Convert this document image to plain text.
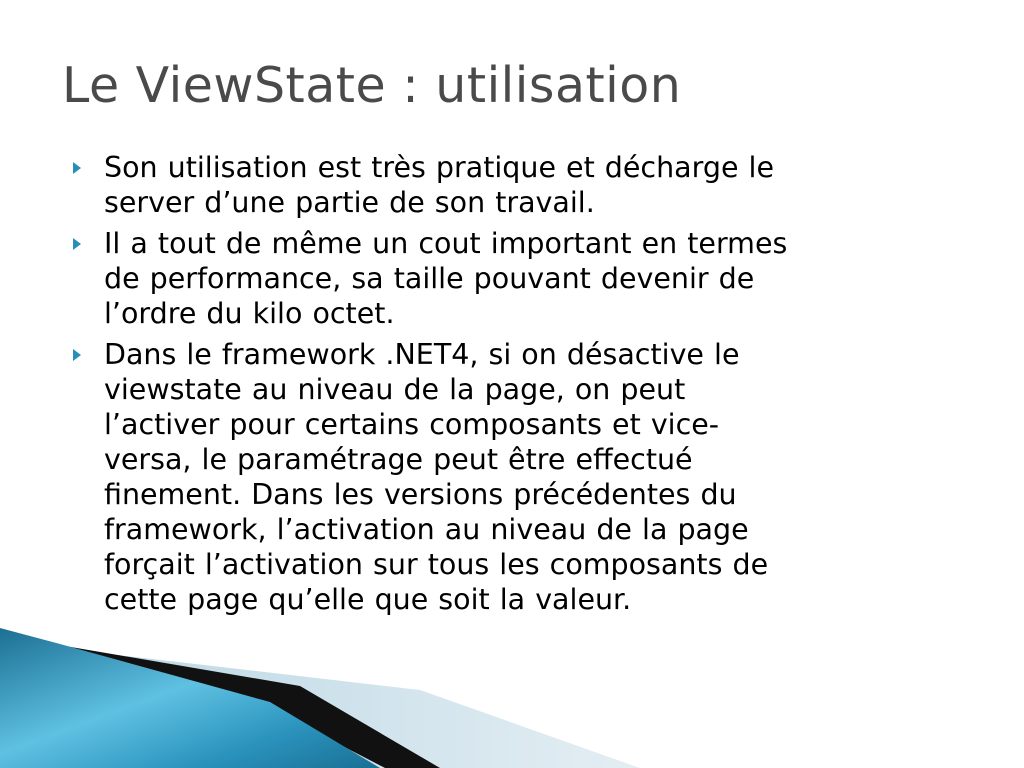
Le ViewState : utilisation
Son utilisation est très pratique et décharge le
server d’une partie de son travail.
Il a tout de même un cout important en termes
de performance, sa taille pouvant devenir de
l’ordre du kilo octet.
Dans le framework .NET4, si on désactive le
viewstate au niveau de la page, on peut
l’activer pour certains composants et vice-
versa, le paramétrage peut être effectué
finement. Dans les versions précédentes du
framework, l’activation au niveau de la page
forçait l’activation sur tous les composants de
cette page qu’elle que soit la valeur.
